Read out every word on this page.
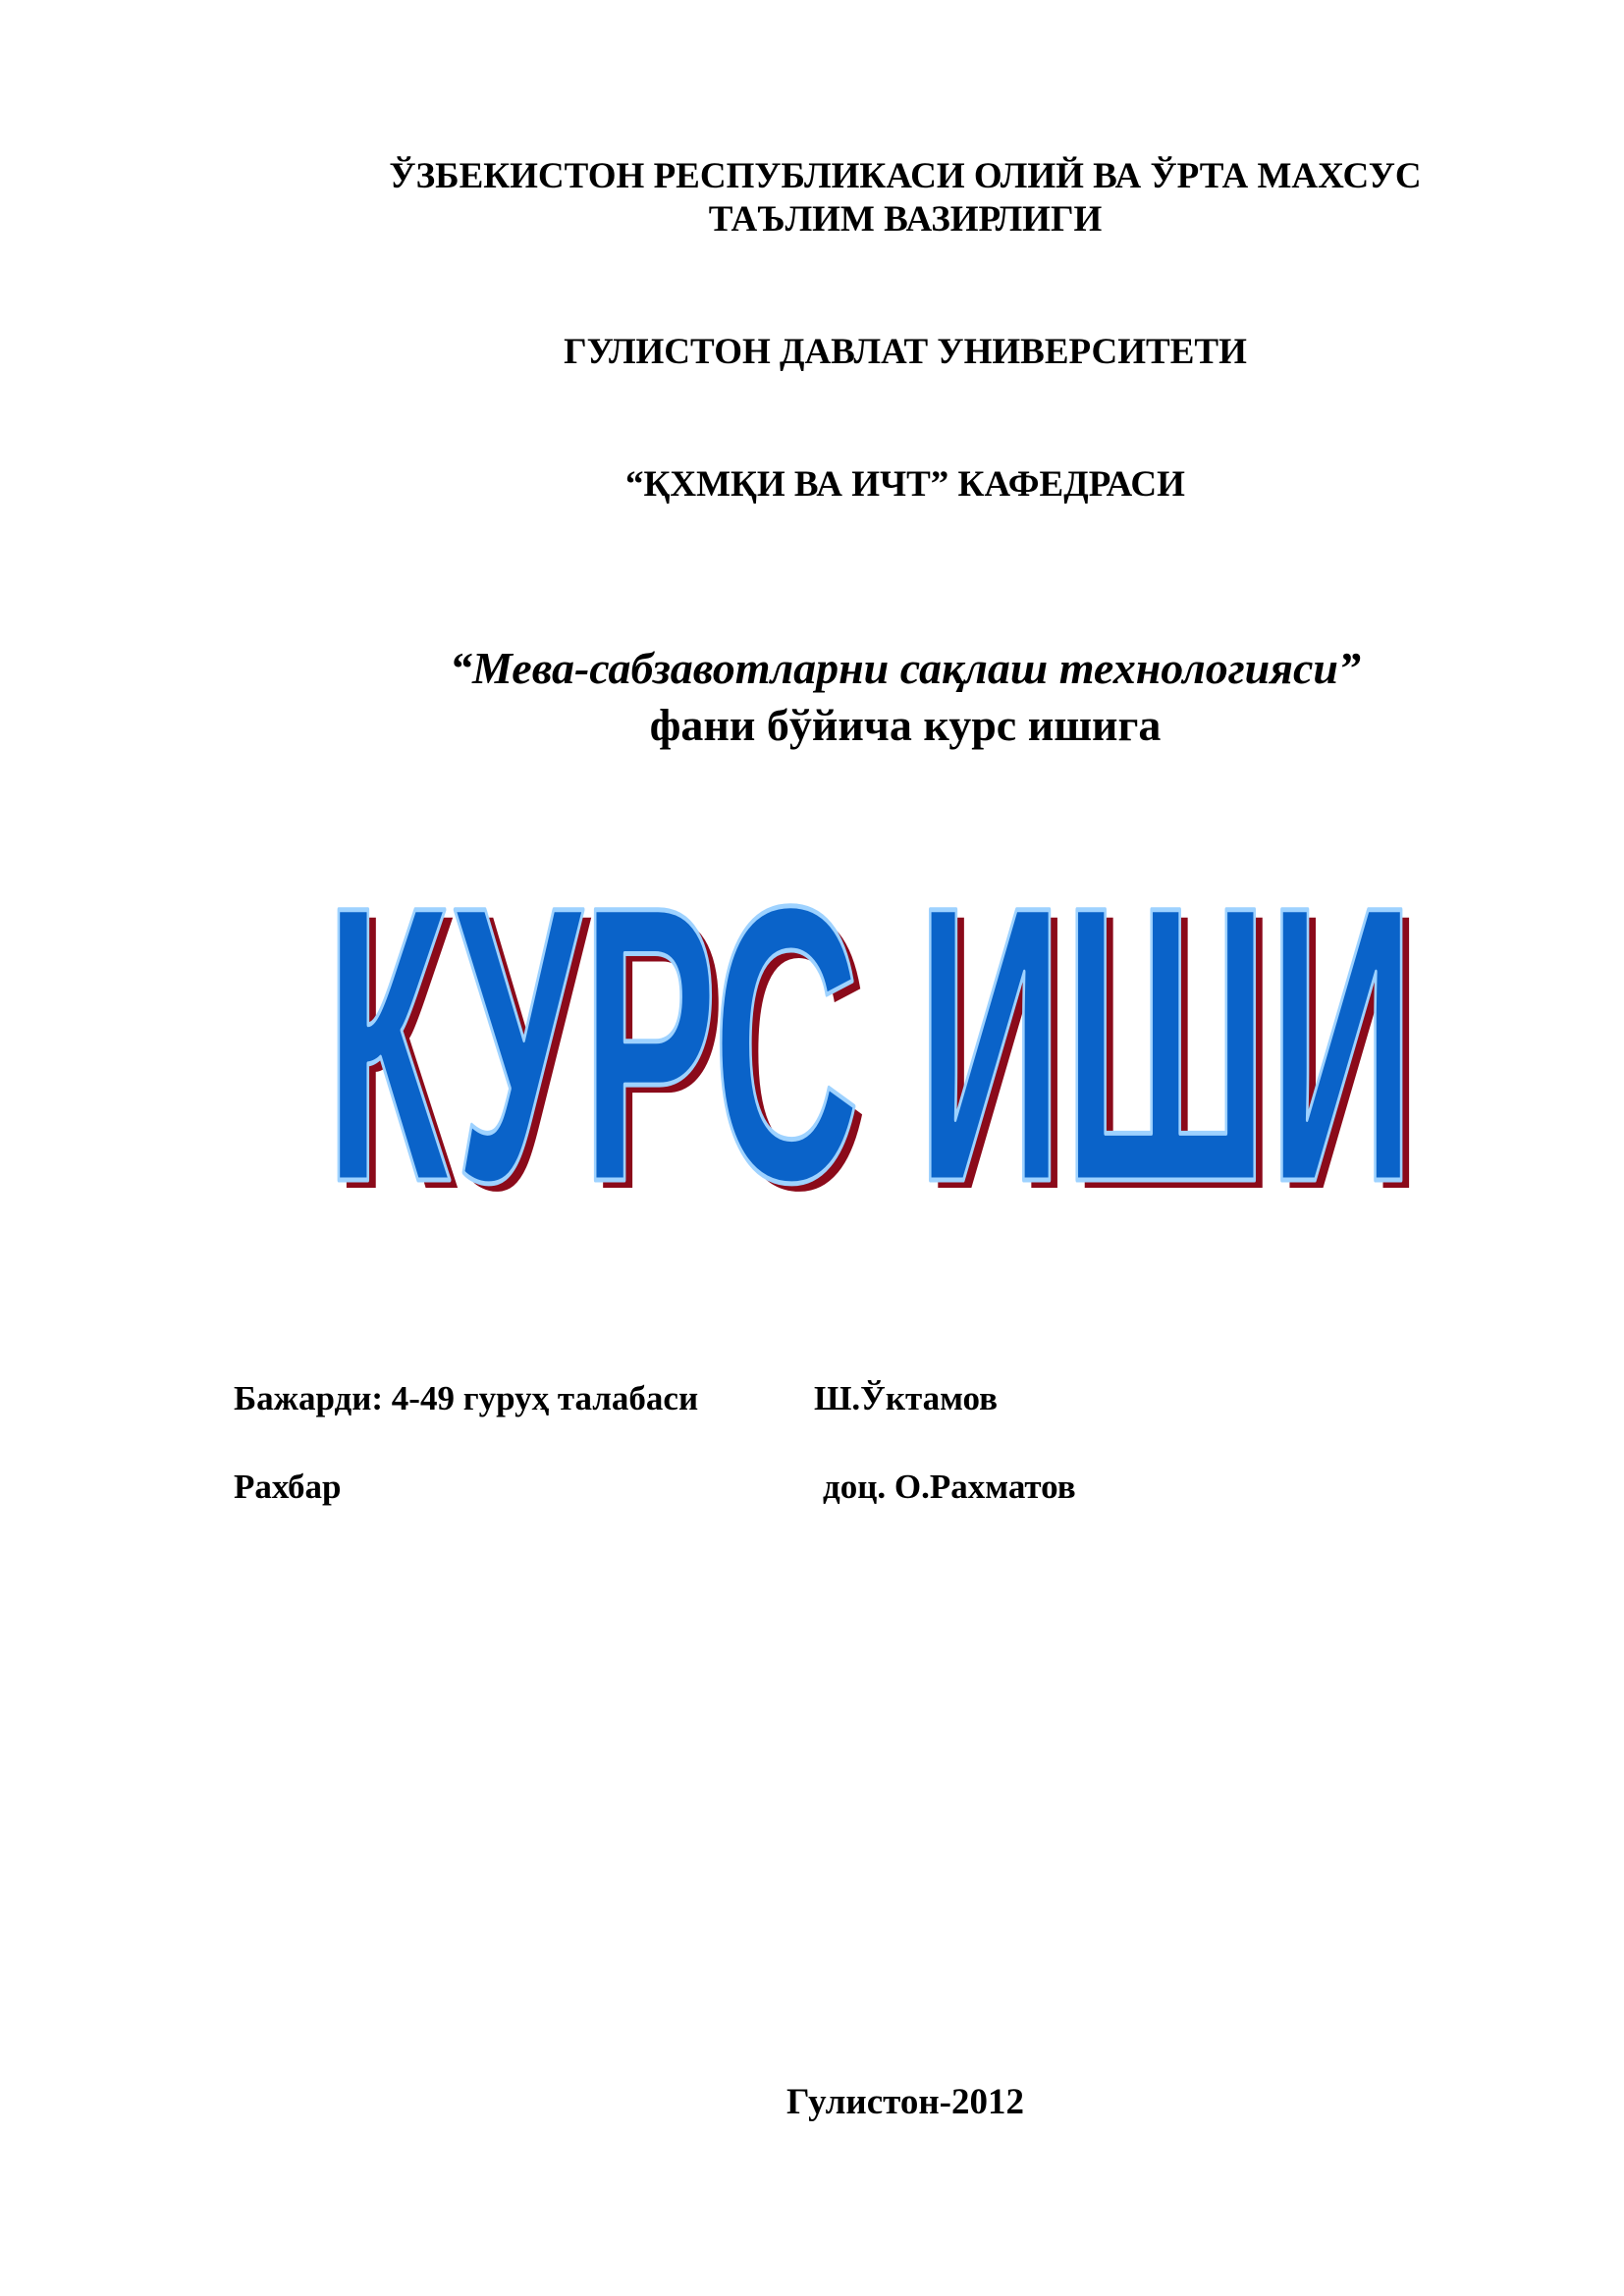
ЎЗБЕКИСТОН РЕСПУБЛИКАСИ ОЛИЙ ВА ЎРТА МАХСУС
ТАЪЛИМ ВАЗИРЛИГИ
ГУЛИСТОН ДАВЛАТ УНИВЕРСИТЕТИ
“ҚХМҚИ ВА ИЧТ” КАФЕДРАСИ
“Мева-сабзавотларни сақлаш технологияси”
фани бўйича курс ишига
КУРС ИШИ
КУРС ИШИ
Бажарди: 4-49 гуруҳ талабаси	Ш.Ўктамов
Рахбар	доц. О.Рахматов
Гулистон-2012
